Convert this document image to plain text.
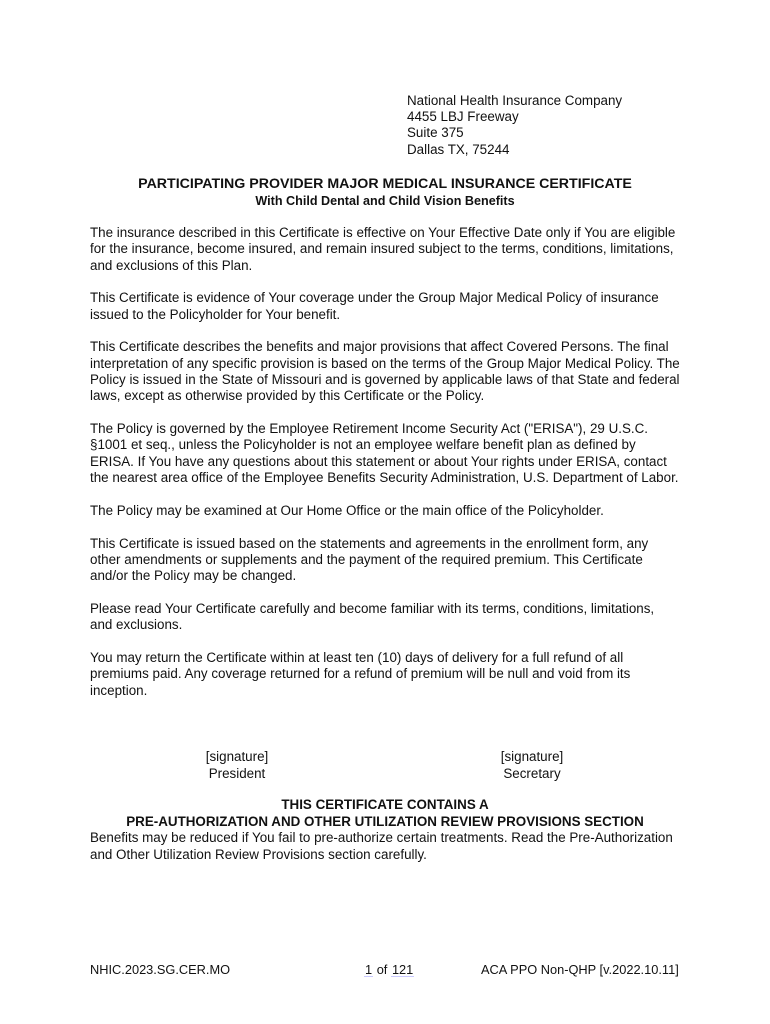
National Health Insurance Company
4455 LBJ Freeway
Suite 375
Dallas TX, 75244
PARTICIPATING PROVIDER MAJOR MEDICAL INSURANCE CERTIFICATE
With Child Dental and Child Vision Benefits

The insurance described in this Certificate is effective on Your Effective Date only if You are eligible for the insurance, become insured, and remain insured subject to the terms, conditions, limitations, and exclusions of this Plan.

This Certificate is evidence of Your coverage under the Group Major Medical Policy of insurance issued to the Policyholder for Your benefit.

This Certificate describes the benefits and major provisions that affect Covered Persons. The final interpretation of any specific provision is based on the terms of the Group Major Medical Policy. The Policy is issued in the State of Missouri and is governed by applicable laws of that State and federal laws, except as otherwise provided by this Certificate or the Policy.

The Policy is governed by the Employee Retirement Income Security Act ("ERISA"), 29 U.S.C. §1001 et seq., unless the Policyholder is not an employee welfare benefit plan as defined by ERISA. If You have any questions about this statement or about Your rights under ERISA, contact the nearest area office of the Employee Benefits Security Administration, U.S. Department of Labor.

The Policy may be examined at Our Home Office or the main office of the Policyholder.

This Certificate is issued based on the statements and agreements in the enrollment form, any other amendments or supplements and the payment of the required premium. This Certificate and/or the Policy may be changed.

Please read Your Certificate carefully and become familiar with its terms, conditions, limitations, and exclusions.

You may return the Certificate within at least ten (10) days of delivery for a full refund of all premiums paid. Any coverage returned for a refund of premium will be null and void from its inception.

[signature]
President
[signature]
Secretary
THIS CERTIFICATE CONTAINS A
PRE-AUTHORIZATION AND OTHER UTILIZATION REVIEW PROVISIONS SECTION
Benefits may be reduced if You fail to pre-authorize certain treatments. Read the Pre-Authorization and Other Utilization Review Provisions section carefully.
NHIC.2023.SG.CER.MO	1 of 121	ACA PPO Non-QHP [v.2022.10.11]
